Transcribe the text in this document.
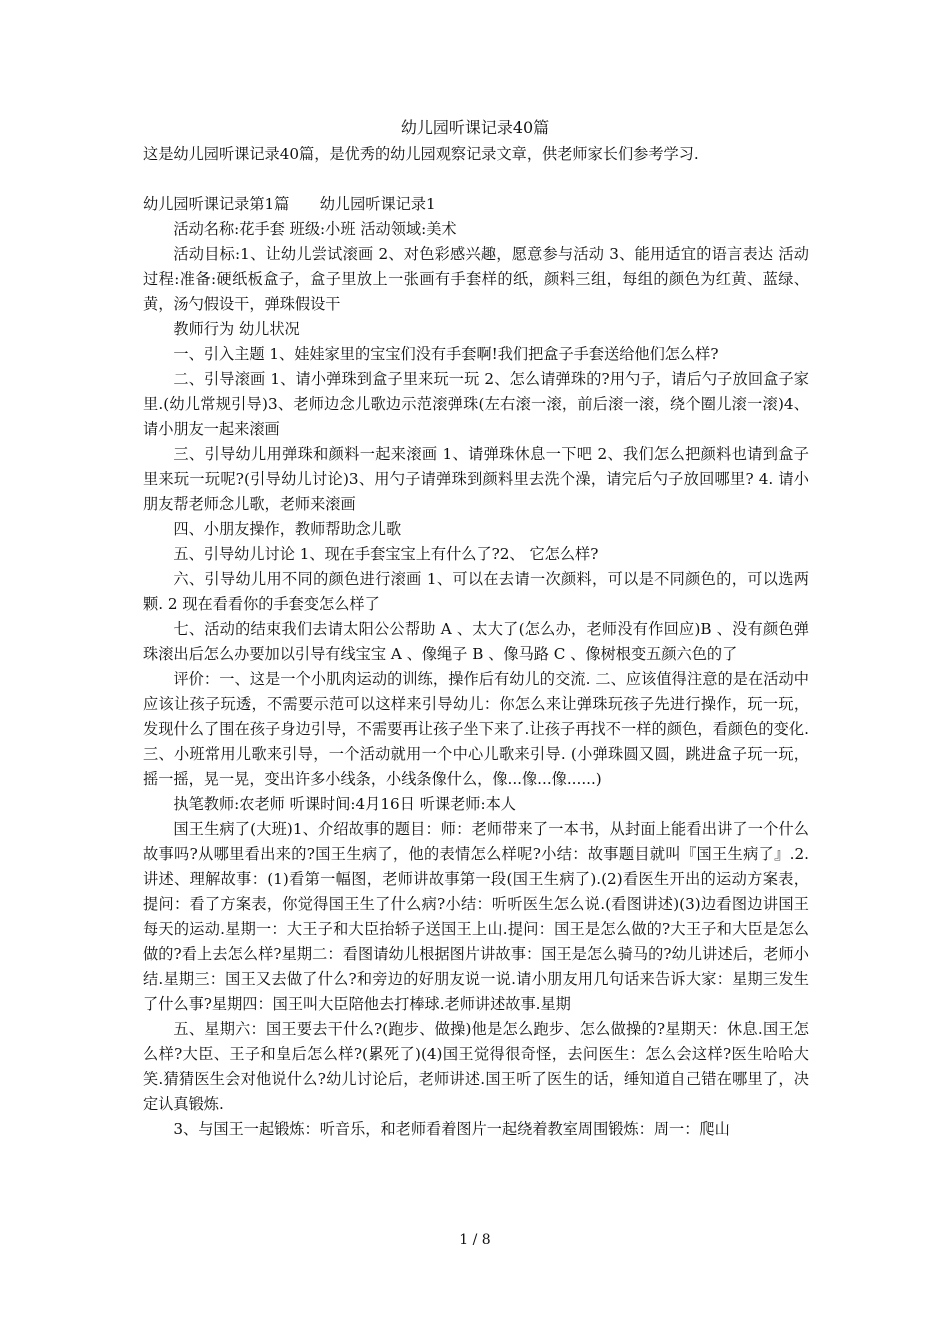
幼儿园听课记录40篇

这是幼儿园听课记录40篇，是优秀的幼儿园观察记录文章，供老师家长们参考学习.

幼儿园听课记录第1篇　　幼儿园听课记录1

活动名称:花手套 班级:小班 活动领域:美术

活动目标:1、让幼儿尝试滚画 2、对色彩感兴趣，愿意参与活动 3、能用适宜的语言表达 活动过程:准备:硬纸板盒子，盒子里放上一张画有手套样的纸，颜料三组，每组的颜色为红黄、蓝绿、黄，汤勺假设干，弹珠假设干

教师行为 幼儿状况

一、引入主题 1、娃娃家里的宝宝们没有手套啊!我们把盒子手套送给他们怎么样?

二、引导滚画 1、请小弹珠到盒子里来玩一玩 2、怎么请弹珠的?用勺子，请后勺子放回盒子家里.(幼儿常规引导)3、老师边念儿歌边示范滚弹珠(左右滚一滚，前后滚一滚，绕个圈儿滚一滚)4、请小朋友一起来滚画

三、引导幼儿用弹珠和颜料一起来滚画 1、请弹珠休息一下吧 2、我们怎么把颜料也请到盒子里来玩一玩呢?(引导幼儿讨论)3、用勺子请弹珠到颜料里去洗个澡，请完后勺子放回哪里? 4. 请小朋友帮老师念儿歌，老师来滚画

四、小朋友操作，教师帮助念儿歌

五、引导幼儿讨论 1、现在手套宝宝上有什么了?2、 它怎么样?

六、引导幼儿用不同的颜色进行滚画 1、可以在去请一次颜料，可以是不同颜色的，可以选两颗. 2 现在看看你的手套变怎么样了

七、活动的结束我们去请太阳公公帮助 A 、太大了(怎么办，老师没有作回应)B 、没有颜色弹珠滚出后怎么办要加以引导有线宝宝 A 、像绳子 B 、像马路 C 、像树根变五颜六色的了

评价：一、这是一个小肌肉运动的训练，操作后有幼儿的交流. 二、应该值得注意的是在活动中应该让孩子玩透，不需要示范可以这样来引导幼儿：你怎么来让弹珠玩孩子先进行操作，玩一玩，发现什么了围在孩子身边引导，不需要再让孩子坐下来了.让孩子再找不一样的颜色，看颜色的变化. 三、小班常用儿歌来引导，一个活动就用一个中心儿歌来引导. (小弹珠圆又圆，跳进盒子玩一玩，摇一摇，晃一晃，变出许多小线条，小线条像什么，像...像...像......)

执笔教师:农老师 听课时间:4月16日 听课老师:本人

国王生病了(大班)1、介绍故事的题目：师：老师带来了一本书，从封面上能看出讲了一个什么故事吗?从哪里看出来的?国王生病了，他的表情怎么样呢?小结：故事题目就叫『国王生病了』.2. 讲述、理解故事：(1)看第一幅图，老师讲故事第一段(国王生病了).(2)看医生开出的运动方案表，提问：看了方案表，你觉得国王生了什么病?小结：听听医生怎么说.(看图讲述)(3)边看图边讲国王每天的运动.星期一：大王子和大臣抬轿子送国王上山.提问：国王是怎么做的?大王子和大臣是怎么做的?看上去怎么样?星期二：看图请幼儿根据图片讲故事：国王是怎么骑马的?幼儿讲述后，老师小结.星期三：国王又去做了什么?和旁边的好朋友说一说.请小朋友用几句话来告诉大家：星期三发生了什么事?星期四：国王叫大臣陪他去打棒球.老师讲述故事.星期

五、星期六：国王要去干什么?(跑步、做操)他是怎么跑步、怎么做操的?星期天：休息.国王怎么样?大臣、王子和皇后怎么样?(累死了)(4)国王觉得很奇怪，去问医生：怎么会这样?医生哈哈大笑.猜猜医生会对他说什么?幼儿讨论后，老师讲述.国王听了医生的话，缍知道自己错在哪里了，决定认真锻炼.

3、与国王一起锻炼：听音乐，和老师看着图片一起绕着教室周围锻炼：周一：爬山

1 / 8
